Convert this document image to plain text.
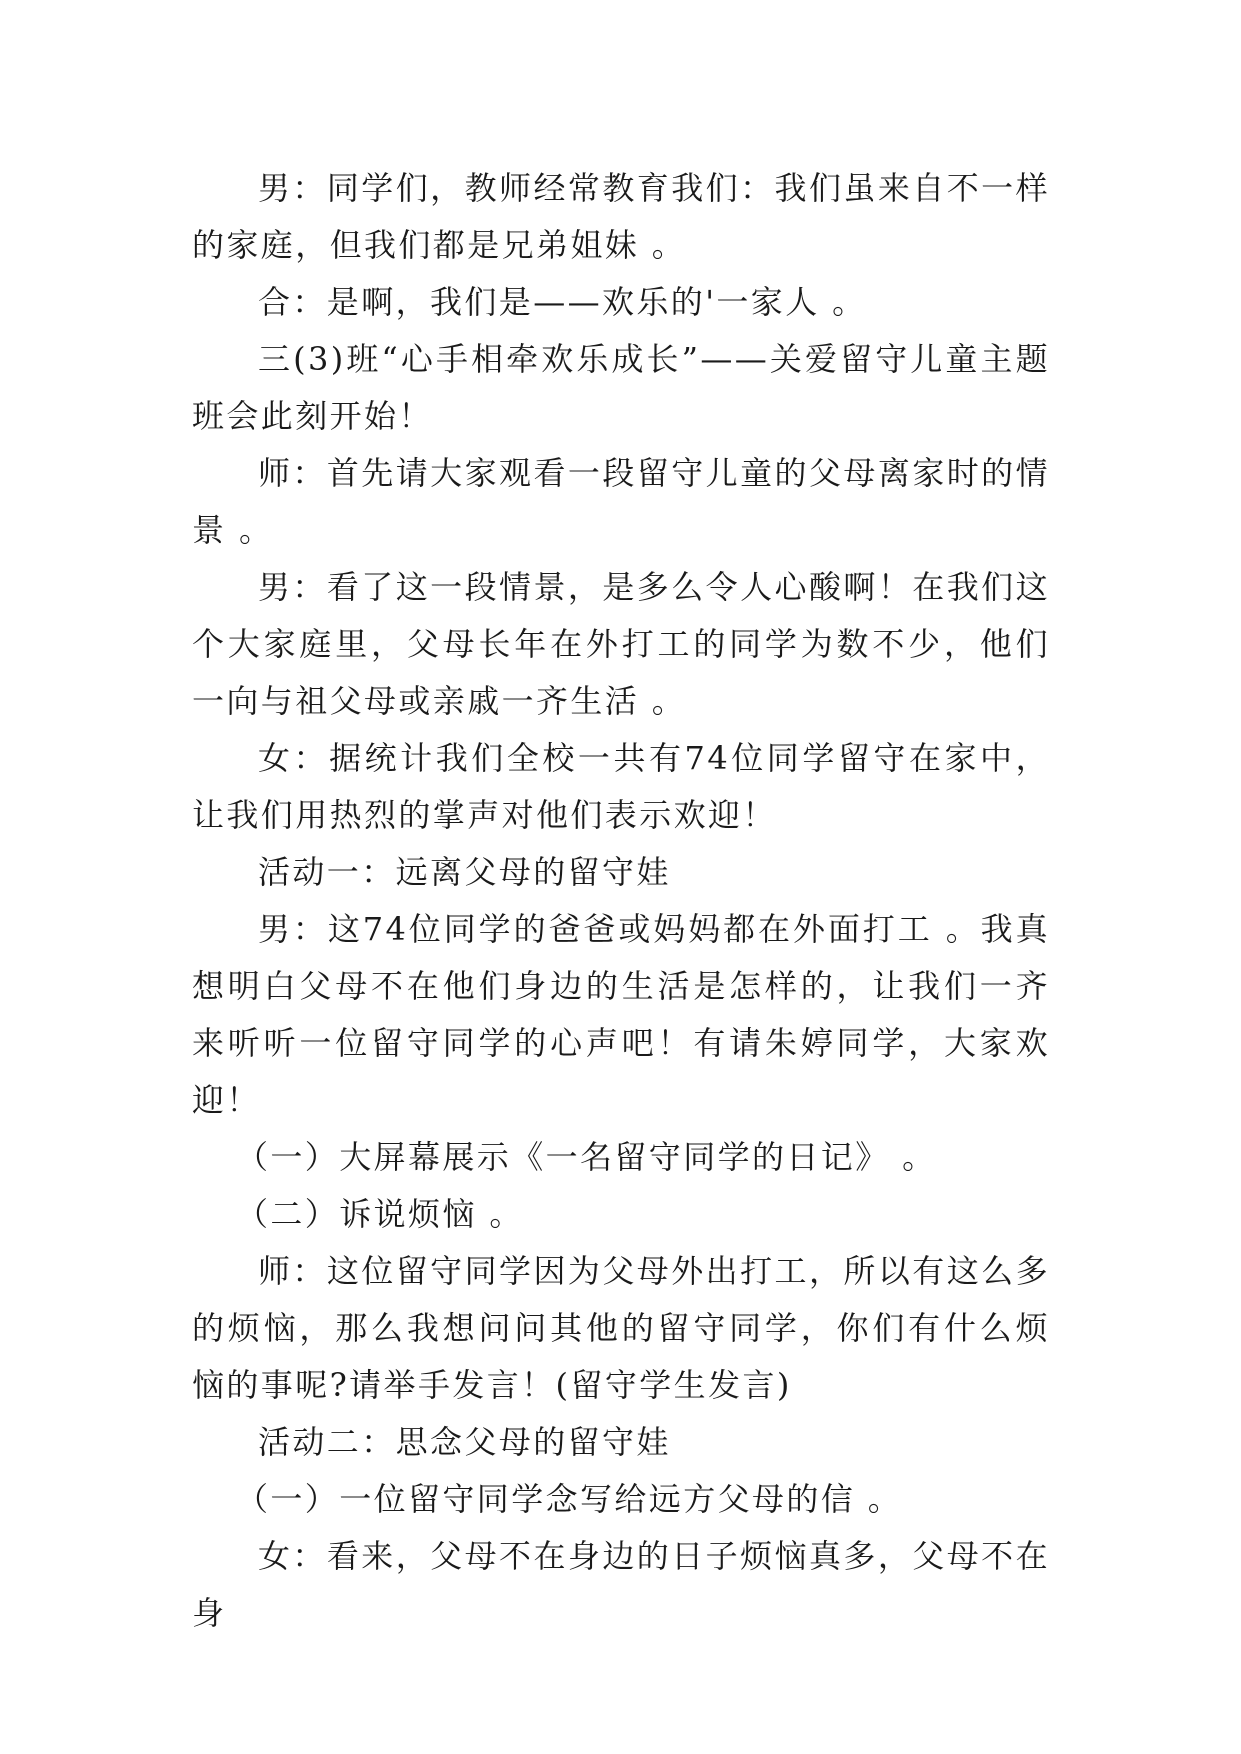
男：同学们，教师经常教育我们：我们虽来自不一样的家庭，但我们都是兄弟姐妹 。

合：是啊，我们是——欢乐的'一家人 。

三(3)班“心手相牵欢乐成长”——关爱留守儿童主题班会此刻开始！

师：首先请大家观看一段留守儿童的父母离家时的情景 。

男：看了这一段情景，是多么令人心酸啊！在我们这个大家庭里，父母长年在外打工的同学为数不少，他们一向与祖父母或亲戚一齐生活 。

女：据统计我们全校一共有74位同学留守在家中，让我们用热烈的掌声对他们表示欢迎！

活动一：远离父母的留守娃

男：这74位同学的爸爸或妈妈都在外面打工 。我真想明白父母不在他们身边的生活是怎样的，让我们一齐来听听一位留守同学的心声吧！有请朱婷同学，大家欢迎！

（一）大屏幕展示《一名留守同学的日记》 。

（二）诉说烦恼 。

师：这位留守同学因为父母外出打工，所以有这么多的烦恼，那么我想问问其他的留守同学，你们有什么烦恼的事呢?请举手发言！(留守学生发言)

活动二：思念父母的留守娃

（一）一位留守同学念写给远方父母的信 。

女：看来，父母不在身边的日子烦恼真多，父母不在身
